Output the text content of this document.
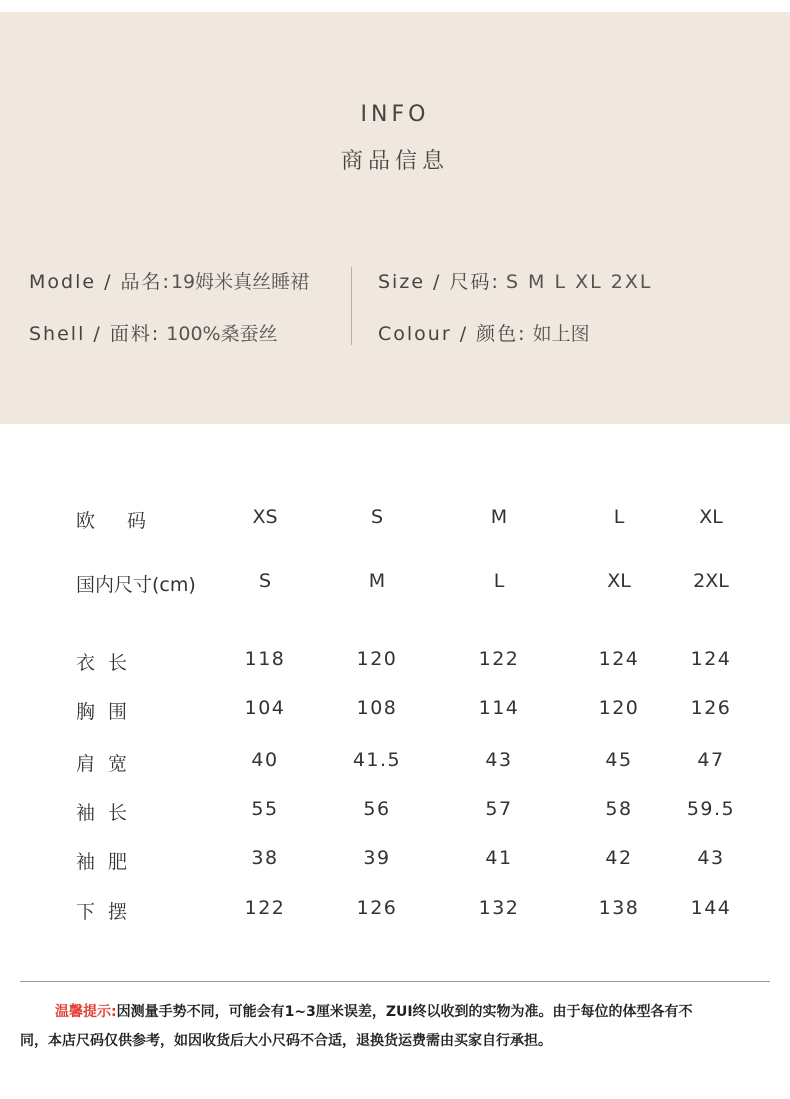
INFO
商品信息
Modle / 品名:19姆米真丝睡裙
Shell / 面料: 100%桑蚕丝
Size / 尺码: S M L XL 2XL
Colour / 颜色: 如上图
欧码	XS	S	M	L	XL
国内尺寸(cm)	S	M	L	XL	2XL
衣长	118	120	122	124	124
胸围	104	108	114	120	126
肩宽	40	41.5	43	45	47
袖长	55	56	57	58	59.5
袖肥	38	39	41	42	43
下摆	122	126	132	138	144
温馨提示:因测量手势不同，可能会有1~3厘米误差，ZUI终以收到的实物为准。由于每位的体型各有不
同，本店尺码仅供参考，如因收货后大小尺码不合适，退换货运费需由买家自行承担。
